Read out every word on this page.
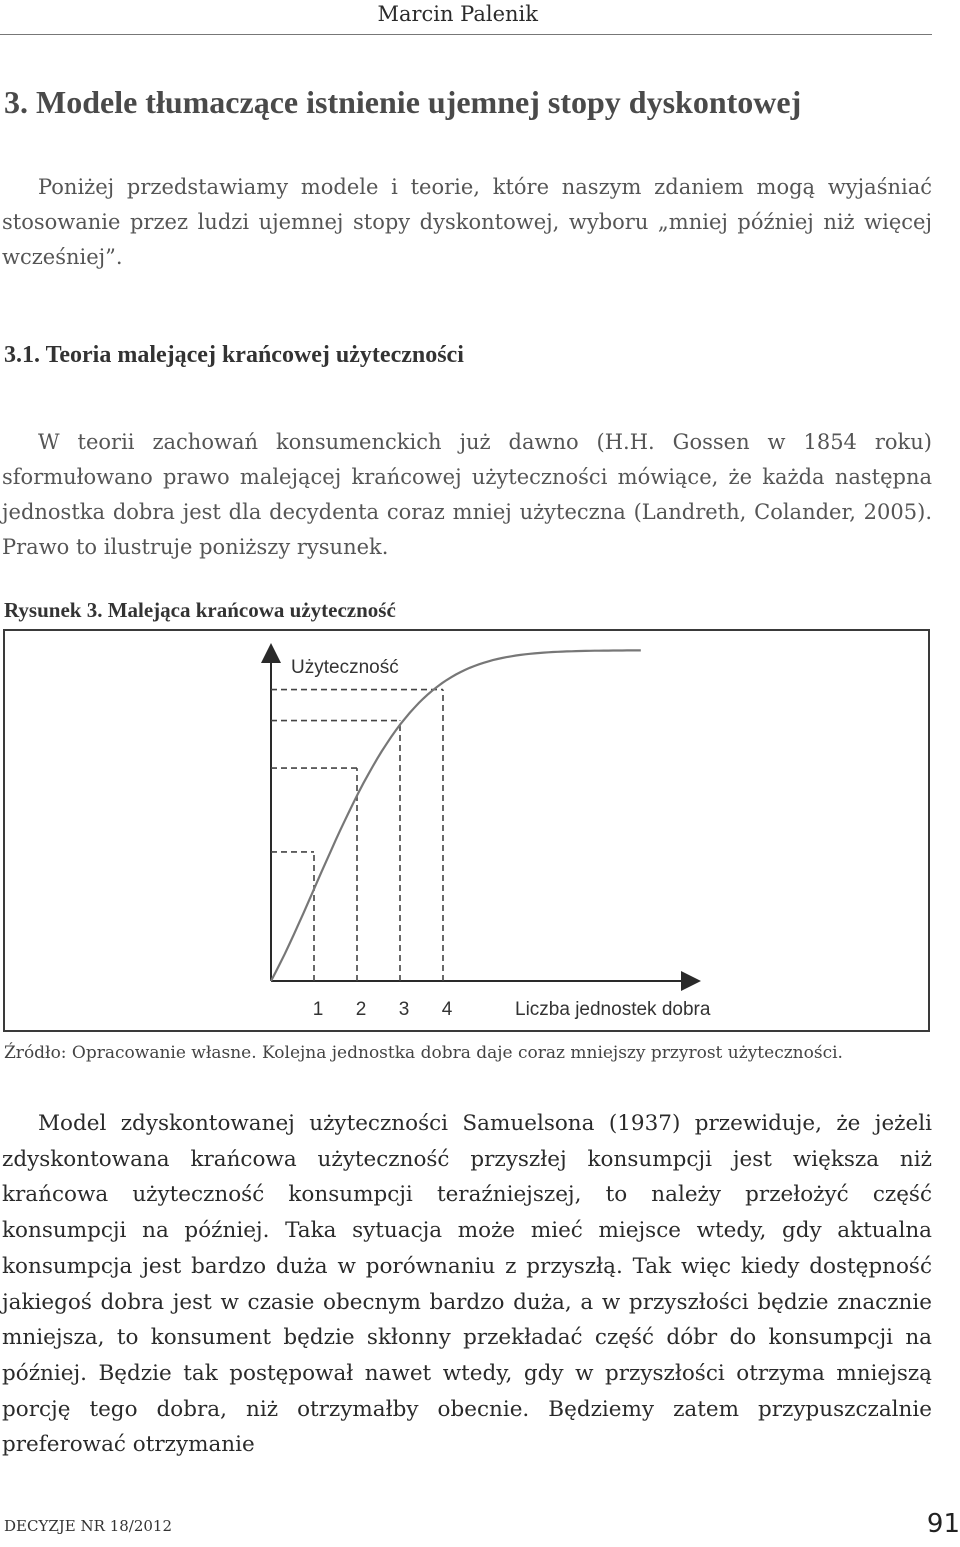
Marcin Palenik
3. Modele tłumaczące istnienie ujemnej stopy dyskontowej

Poniżej przedstawiamy modele i teorie, które naszym zdaniem mogą wyjaśniać stosowanie przez ludzi ujemnej stopy dyskontowej, wyboru „mniej później niż więcej wcześniej”.

3.1. Teoria malejącej krańcowej użyteczności

W teorii zachowań konsumenckich już dawno (H.H. Gossen w 1854 roku) sformułowano prawo malejącej krańcowej użyteczności mówiące, że każda następna jednostka dobra jest dla decydenta coraz mniej użyteczna (Landreth, Colander, 2005). Prawo to ilustruje poniższy rysunek.

Rysunek 3. Malejąca krańcowa użyteczność
Użyteczność
Liczba jednostek dobra
1 2 3 4
Źródło: Opracowanie własne. Kolejna jednostka dobra daje coraz mniejszy przyrost użyteczności.

Model zdyskontowanej użyteczności Samuelsona (1937) przewiduje, że jeżeli zdyskontowana krańcowa użyteczność przyszłej konsumpcji jest większa niż krańcowa użyteczność konsumpcji teraźniejszej, to należy przełożyć część konsumpcji na później. Taka sytuacja może mieć miejsce wtedy, gdy aktualna konsumpcja jest bardzo duża w porównaniu z przyszłą. Tak więc kiedy dostępność jakiegoś dobra jest w czasie obecnym bardzo duża, a w przyszłości będzie znacznie mniejsza, to konsument będzie skłonny przekładać część dóbr do konsumpcji na później. Będzie tak postępował nawet wtedy, gdy w przyszłości otrzyma mniejszą porcję tego dobra, niż otrzymałby obecnie. Będziemy zatem przypuszczalnie preferować otrzymanie

DECYZJE NR 18/2012	91
